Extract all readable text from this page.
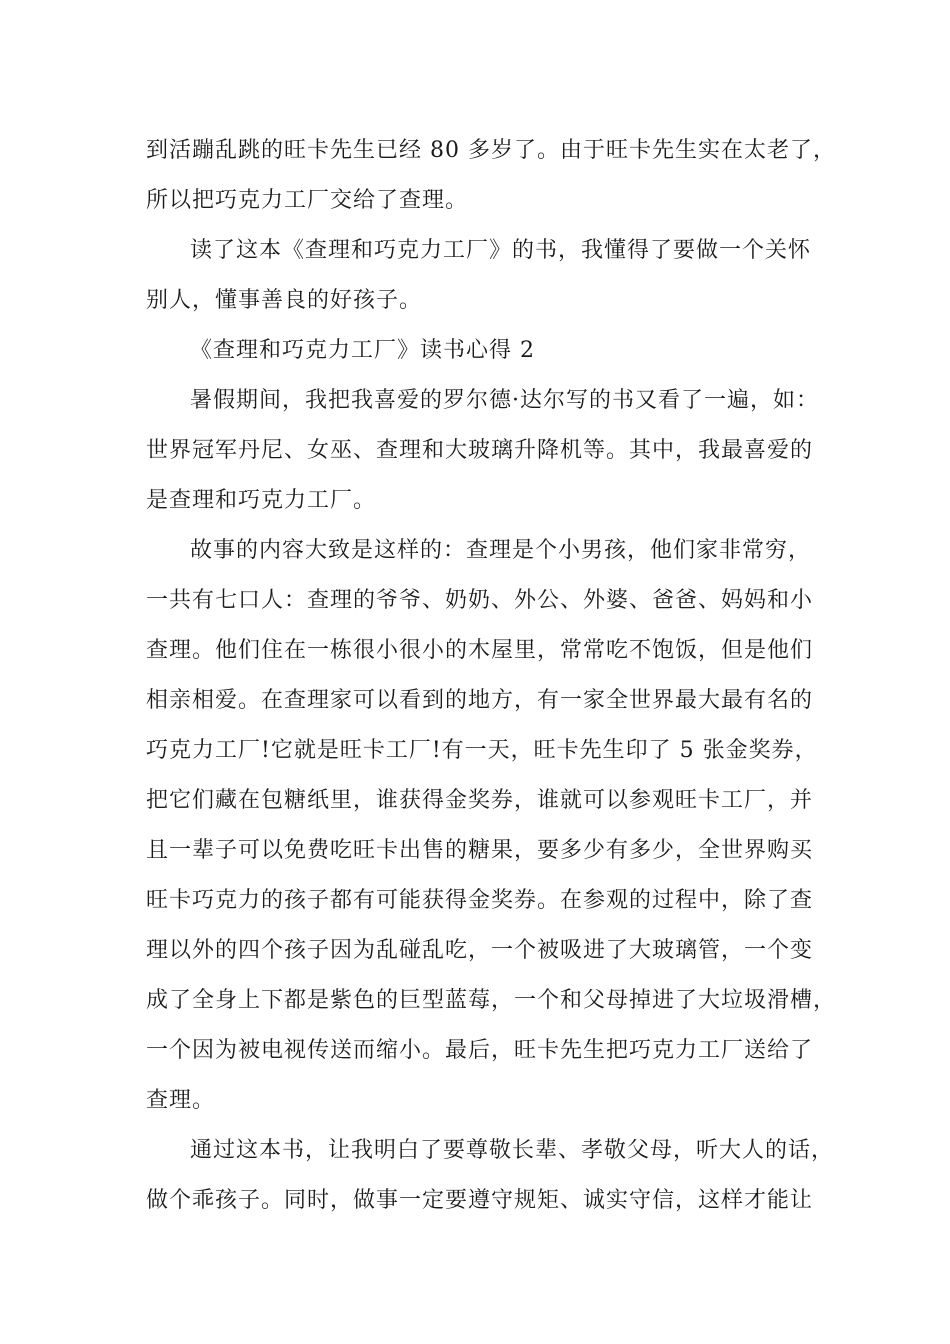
到活蹦乱跳的旺卡先生已经 80 多岁了。由于旺卡先生实在太老了，
所以把巧克力工厂交给了查理。
读了这本《查理和巧克力工厂》的书，我懂得了要做一个关怀
别人，懂事善良的好孩子。
《查理和巧克力工厂》读书心得 2
暑假期间，我把我喜爱的罗尔德·达尔写的书又看了一遍，如：
世界冠军丹尼、女巫、查理和大玻璃升降机等。其中，我最喜爱的
是查理和巧克力工厂。
故事的内容大致是这样的：查理是个小男孩，他们家非常穷，
一共有七口人：查理的爷爷、奶奶、外公、外婆、爸爸、妈妈和小
查理。他们住在一栋很小很小的木屋里，常常吃不饱饭，但是他们
相亲相爱。在查理家可以看到的地方，有一家全世界最大最有名的
巧克力工厂!它就是旺卡工厂!有一天，旺卡先生印了 5 张金奖券，
把它们藏在包糖纸里，谁获得金奖券，谁就可以参观旺卡工厂，并
且一辈子可以免费吃旺卡出售的糖果，要多少有多少，全世界购买
旺卡巧克力的孩子都有可能获得金奖券。在参观的过程中，除了查
理以外的四个孩子因为乱碰乱吃，一个被吸进了大玻璃管，一个变
成了全身上下都是紫色的巨型蓝莓，一个和父母掉进了大垃圾滑槽，
一个因为被电视传送而缩小。最后，旺卡先生把巧克力工厂送给了
查理。
通过这本书，让我明白了要尊敬长辈、孝敬父母，听大人的话，
做个乖孩子。同时，做事一定要遵守规矩、诚实守信，这样才能让
